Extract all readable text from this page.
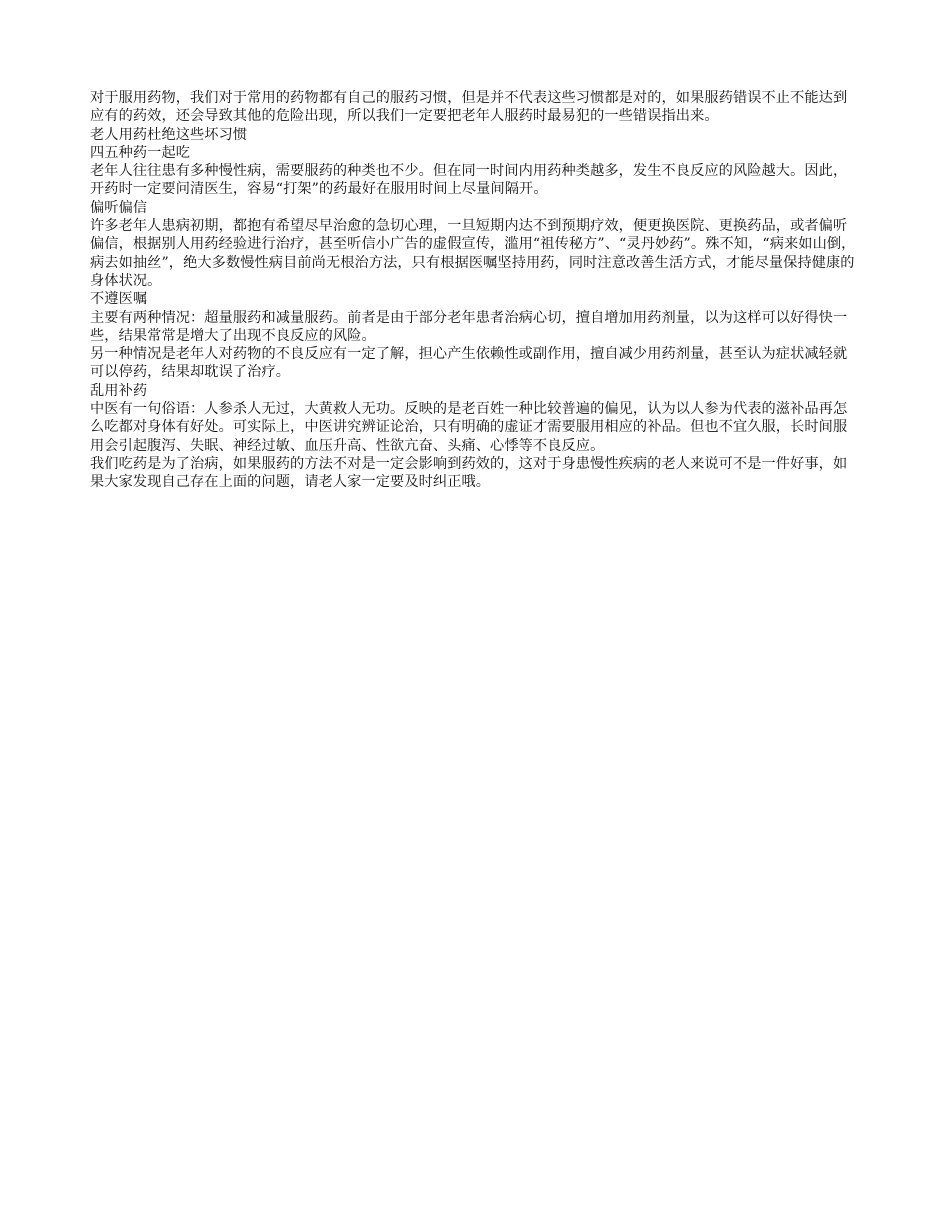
对于服用药物，我们对于常用的药物都有自己的服药习惯，但是并不代表这些习惯都是对的，如果服药错误不止不能达到应有的药效，还会导致其他的危险出现，所以我们一定要把老年人服药时最易犯的一些错误指出来。

老人用药杜绝这些坏习惯

四五种药一起吃

老年人往往患有多种慢性病，需要服药的种类也不少。但在同一时间内用药种类越多，发生不良反应的风险越大。因此，开药时一定要问清医生，容易“打架”的药最好在服用时间上尽量间隔开。

偏听偏信

许多老年人患病初期，都抱有希望尽早治愈的急切心理，一旦短期内达不到预期疗效，便更换医院、更换药品，或者偏听偏信，根据别人用药经验进行治疗，甚至听信小广告的虚假宣传，滥用“祖传秘方”、“灵丹妙药”。殊不知，“病来如山倒，病去如抽丝”，绝大多数慢性病目前尚无根治方法，只有根据医嘱坚持用药，同时注意改善生活方式，才能尽量保持健康的身体状况。

不遵医嘱

主要有两种情况：超量服药和减量服药。前者是由于部分老年患者治病心切，擅自增加用药剂量，以为这样可以好得快一些，结果常常是增大了出现不良反应的风险。

另一种情况是老年人对药物的不良反应有一定了解，担心产生依赖性或副作用，擅自减少用药剂量，甚至认为症状减轻就可以停药，结果却耽误了治疗。

乱用补药

中医有一句俗语：人参杀人无过，大黄救人无功。反映的是老百姓一种比较普遍的偏见，认为以人参为代表的滋补品再怎么吃都对身体有好处。可实际上，中医讲究辨证论治，只有明确的虚证才需要服用相应的补品。但也不宜久服，长时间服用会引起腹泻、失眠、神经过敏、血压升高、性欲亢奋、头痛、心悸等不良反应。

我们吃药是为了治病，如果服药的方法不对是一定会影响到药效的，这对于身患慢性疾病的老人来说可不是一件好事，如果大家发现自己存在上面的问题，请老人家一定要及时纠正哦。
